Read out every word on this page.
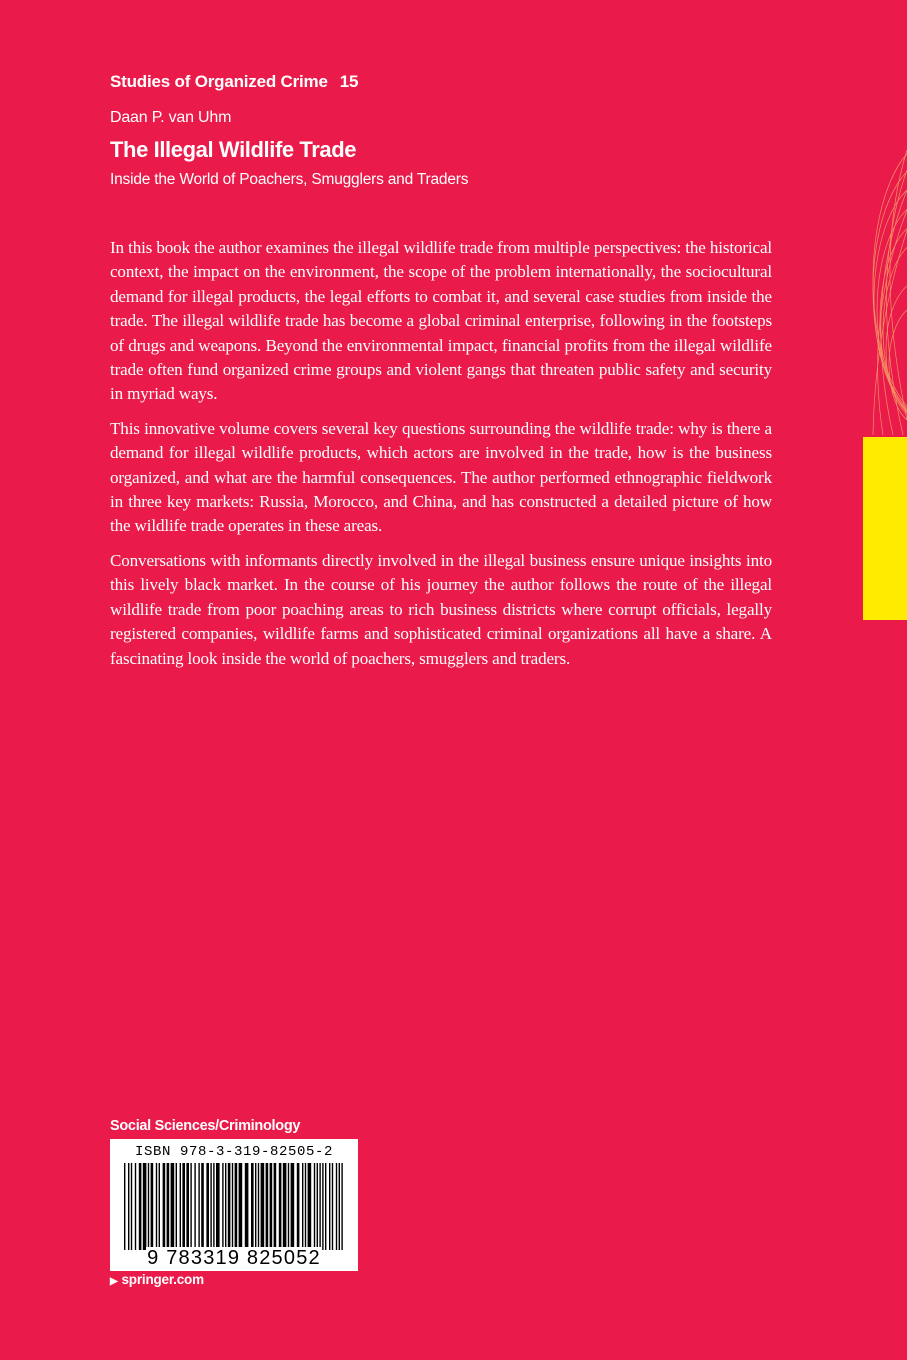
Studies of Organized Crime 15
Daan P. van Uhm
The Illegal Wildlife Trade
Inside the World of Poachers, Smugglers and Traders

In this book the author examines the illegal wildlife trade from multiple perspectives: the historical context, the impact on the environment, the scope of the problem internationally, the sociocultural demand for illegal products, the legal efforts to combat it, and several case studies from inside the trade. The illegal wildlife trade has become a global criminal enterprise, following in the footsteps of drugs and weapons. Beyond the environmental impact, financial profits from the illegal wildlife trade often fund organized crime groups and violent gangs that threaten public safety and security in myriad ways.

This innovative volume covers several key questions surrounding the wildlife trade: why is there a demand for illegal wildlife products, which actors are involved in the trade, how is the business organized, and what are the harmful consequences. The author performed ethnographic fieldwork in three key markets: Russia, Morocco, and China, and has constructed a detailed picture of how the wildlife trade operates in these areas.

Conversations with informants directly involved in the illegal business ensure unique insights into this lively black market. In the course of his journey the author follows the route of the illegal wildlife trade from poor poaching areas to rich business districts where corrupt officials, legally registered companies, wildlife farms and sophisticated criminal organizations all have a share. A fascinating look inside the world of poachers, smugglers and traders.

Social Sciences/Criminology
ISBN 978-3-319-82505-2
9 783319 825052
▶ springer.com
